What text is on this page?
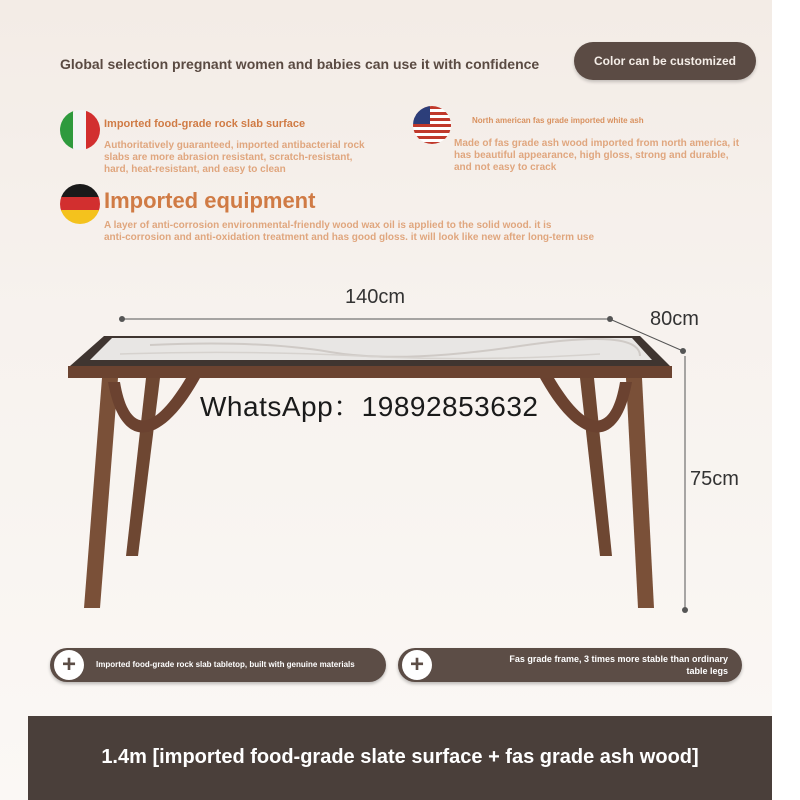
Global selection pregnant women and babies can use it with confidence	Color can be customized
Imported food-grade rock slab surface
Authoritatively guaranteed, imported antibacterial rock
slabs are more abrasion resistant, scratch-resistant,
hard, heat-resistant, and easy to clean
North american fas grade imported white ash
Made of fas grade ash wood imported from north america, it
has beautiful appearance, high gloss, strong and durable,
and not easy to crack
Imported equipment
A layer of anti-corrosion environmental-friendly wood wax oil is applied to the solid wood. it is
anti-corrosion and anti-oxidation treatment and has good gloss. it will look like new after long-term use
140cm
80cm
75cm
WhatsApp：19892853632
+	Imported food-grade rock slab tabletop, built with genuine materials	+	Fas grade frame, 3 times more stable than ordinary
table legs
1.4m [imported food-grade slate surface + fas grade ash wood]
